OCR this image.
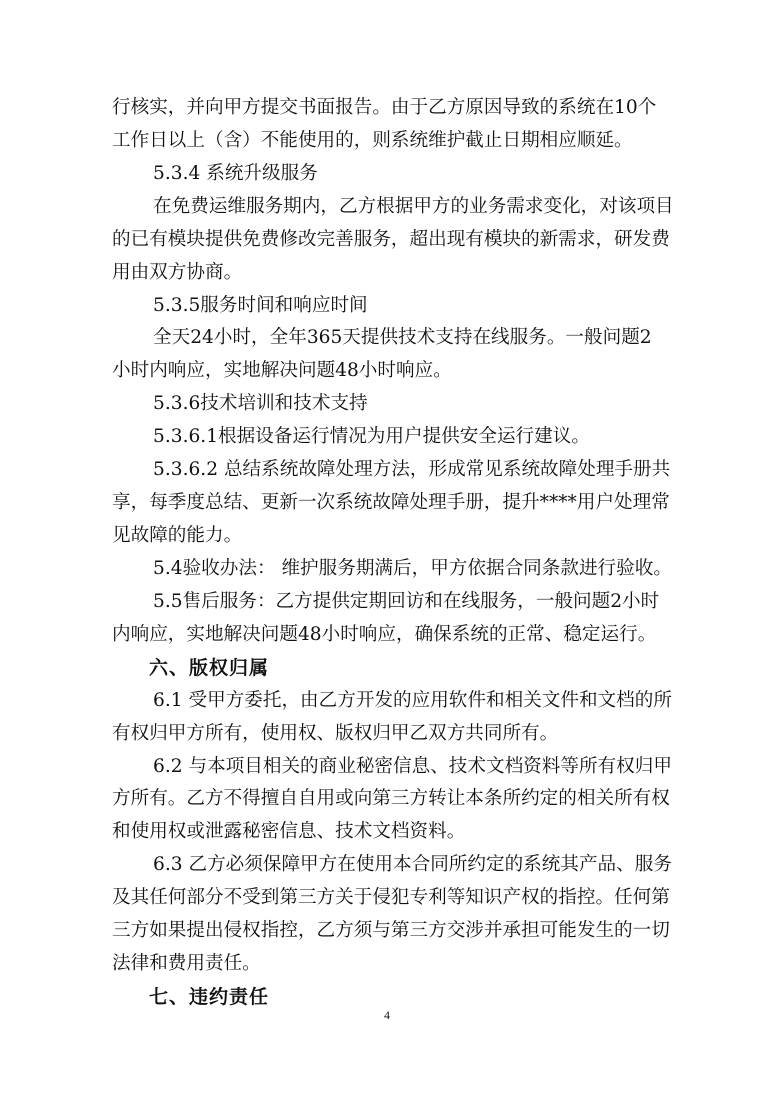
行核实，并向甲方提交书面报告。由于乙方原因导致的系统在10个
工作日以上（含）不能使用的，则系统维护截止日期相应顺延。
5.3.4 系统升级服务
在免费运维服务期内，乙方根据甲方的业务需求变化，对该项目
的已有模块提供免费修改完善服务，超出现有模块的新需求，研发费
用由双方协商。
5.3.5服务时间和响应时间
全天24小时，全年365天提供技术支持在线服务。一般问题2
小时内响应，实地解决问题48小时响应。
5.3.6技术培训和技术支持
5.3.6.1根据设备运行情况为用户提供安全运行建议。
5.3.6.2 总结系统故障处理方法，形成常见系统故障处理手册共
享，每季度总结、更新一次系统故障处理手册，提升****用户处理常
见故障的能力。
5.4验收办法： 维护服务期满后，甲方依据合同条款进行验收。
5.5售后服务：乙方提供定期回访和在线服务，一般问题2小时
内响应，实地解决问题48小时响应，确保系统的正常、稳定运行。
六、版权归属
6.1 受甲方委托，由乙方开发的应用软件和相关文件和文档的所
有权归甲方所有，使用权、版权归甲乙双方共同所有。
6.2 与本项目相关的商业秘密信息、技术文档资料等所有权归甲
方所有。乙方不得擅自自用或向第三方转让本条所约定的相关所有权
和使用权或泄露秘密信息、技术文档资料。
6.3 乙方必须保障甲方在使用本合同所约定的系统其产品、服务
及其任何部分不受到第三方关于侵犯专利等知识产权的指控。任何第
三方如果提出侵权指控，乙方须与第三方交涉并承担可能发生的一切
法律和费用责任。
七、违约责任
4
